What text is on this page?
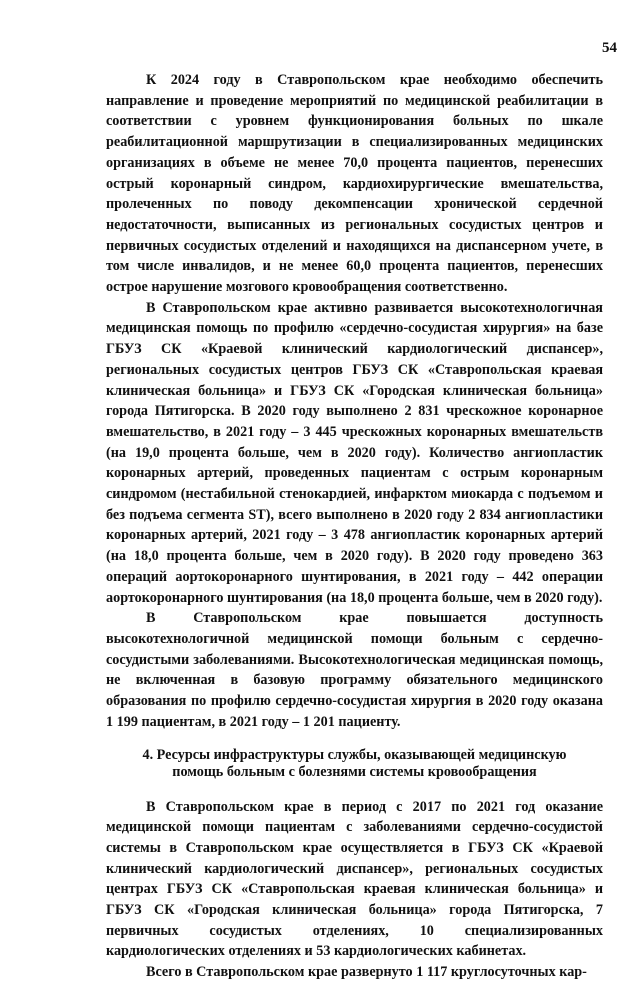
54

К 2024 году в Ставропольском крае необходимо обеспечить направление и проведение мероприятий по медицинской реабилитации в соответствии с уровнем функционирования больных по шкале реабилитационной маршрутизации в специализированных медицинских организациях в объеме не менее 70,0 процента пациентов, перенесших острый коронарный синдром, кардиохирургические вмешательства, пролеченных по поводу декомпенсации хронической сердечной недостаточности, выписанных из региональных сосудистых центров и первичных сосудистых отделений и находящихся на диспансерном учете, в том числе инвалидов, и не менее 60,0 процента пациентов, перенесших острое нарушение мозгового кровообращения соответственно.

В Ставропольском крае активно развивается высокотехнологичная медицинская помощь по профилю «сердечно-сосудистая хирургия» на базе ГБУЗ СК «Краевой клинический кардиологический диспансер», региональных сосудистых центров ГБУЗ СК «Ставропольская краевая клиническая больница» и ГБУЗ СК «Городская клиническая больница» города Пятигорска. В 2020 году выполнено 2 831 чрескожное коронарное вмешательство, в 2021 году – 3 445 чрескожных коронарных вмешательств (на 19,0 процента больше, чем в 2020 году). Количество ангиопластик коронарных артерий, проведенных пациентам с острым коронарным синдромом (нестабильной стенокардией, инфарктом миокарда с подъемом и без подъема сегмента ST), всего выполнено в 2020 году 2 834 ангиопластики коронарных артерий, 2021 году – 3 478 ангиопластик коронарных артерий (на 18,0 процента больше, чем в 2020 году). В 2020 году проведено 363 операций аортокоронарного шунтирования, в 2021 году – 442 операции аортокоронарного шунтирования (на 18,0 процента больше, чем в 2020 году).

В Ставропольском крае повышается доступность высокотехнологичной медицинской помощи больным с сердечно-сосудистыми заболеваниями. Высокотехнологическая медицинская помощь, не включенная в базовую программу обязательного медицинского образования по профилю сердечно-сосудистая хирургия в 2020 году оказана 1 199 пациентам, в 2021 году – 1 201 пациенту.

4. Ресурсы инфраструктуры службы, оказывающей медицинскую
помощь больным с болезнями системы кровообращения

В Ставропольском крае в период с 2017 по 2021 год оказание медицинской помощи пациентам с заболеваниями сердечно-сосудистой системы в Ставропольском крае осуществляется в ГБУЗ СК «Краевой клинический кардиологический диспансер», региональных сосудистых центрах ГБУЗ СК «Ставропольская краевая клиническая больница» и ГБУЗ СК «Городская клиническая больница» города Пятигорска, 7 первичных сосудистых отделениях, 10 специализированных кардиологических отделениях и 53 кардиологических кабинетах.

Всего в Ставропольском крае развернуто 1 117 круглосуточных кар-
